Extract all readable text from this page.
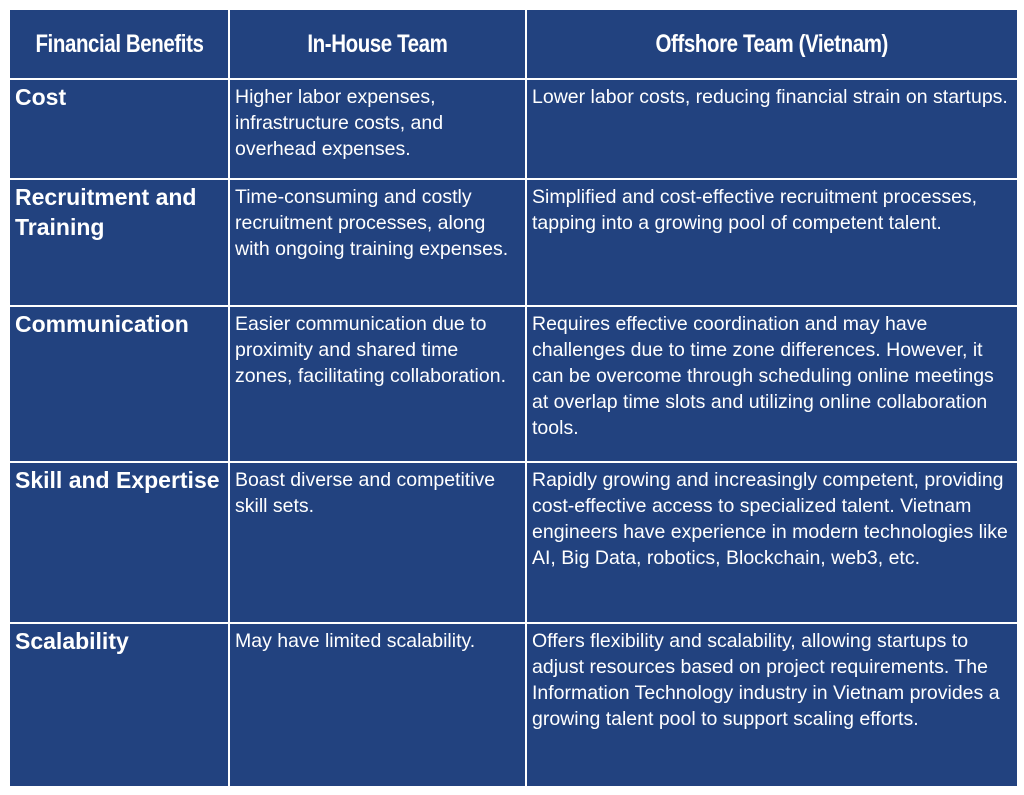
Financial Benefits	In-House Team	Offshore Team (Vietnam)
Cost	Higher labor expenses, infrastructure costs, and overhead expenses.	Lower labor costs, reducing financial strain on startups.
Recruitment and Training	Time-consuming and costly recruitment processes, along with ongoing training expenses.	Simplified and cost-effective recruitment processes, tapping into a growing pool of competent talent.
Communication	Easier communication due to proximity and shared time zones, facilitating collaboration.	Requires effective coordination and may have challenges due to time zone differences. However, it can be overcome through scheduling online meetings at overlap time slots and utilizing online collaboration tools.
Skill and Expertise	Boast diverse and competitive skill sets.	Rapidly growing and increasingly competent, providing cost-effective access to specialized talent. Vietnam engineers have experience in modern technologies like AI, Big Data, robotics, Blockchain, web3, etc.
Scalability	May have limited scalability.	Offers flexibility and scalability, allowing startups to adjust resources based on project requirements. The Information Technology industry in Vietnam provides a growing talent pool to support scaling efforts.
